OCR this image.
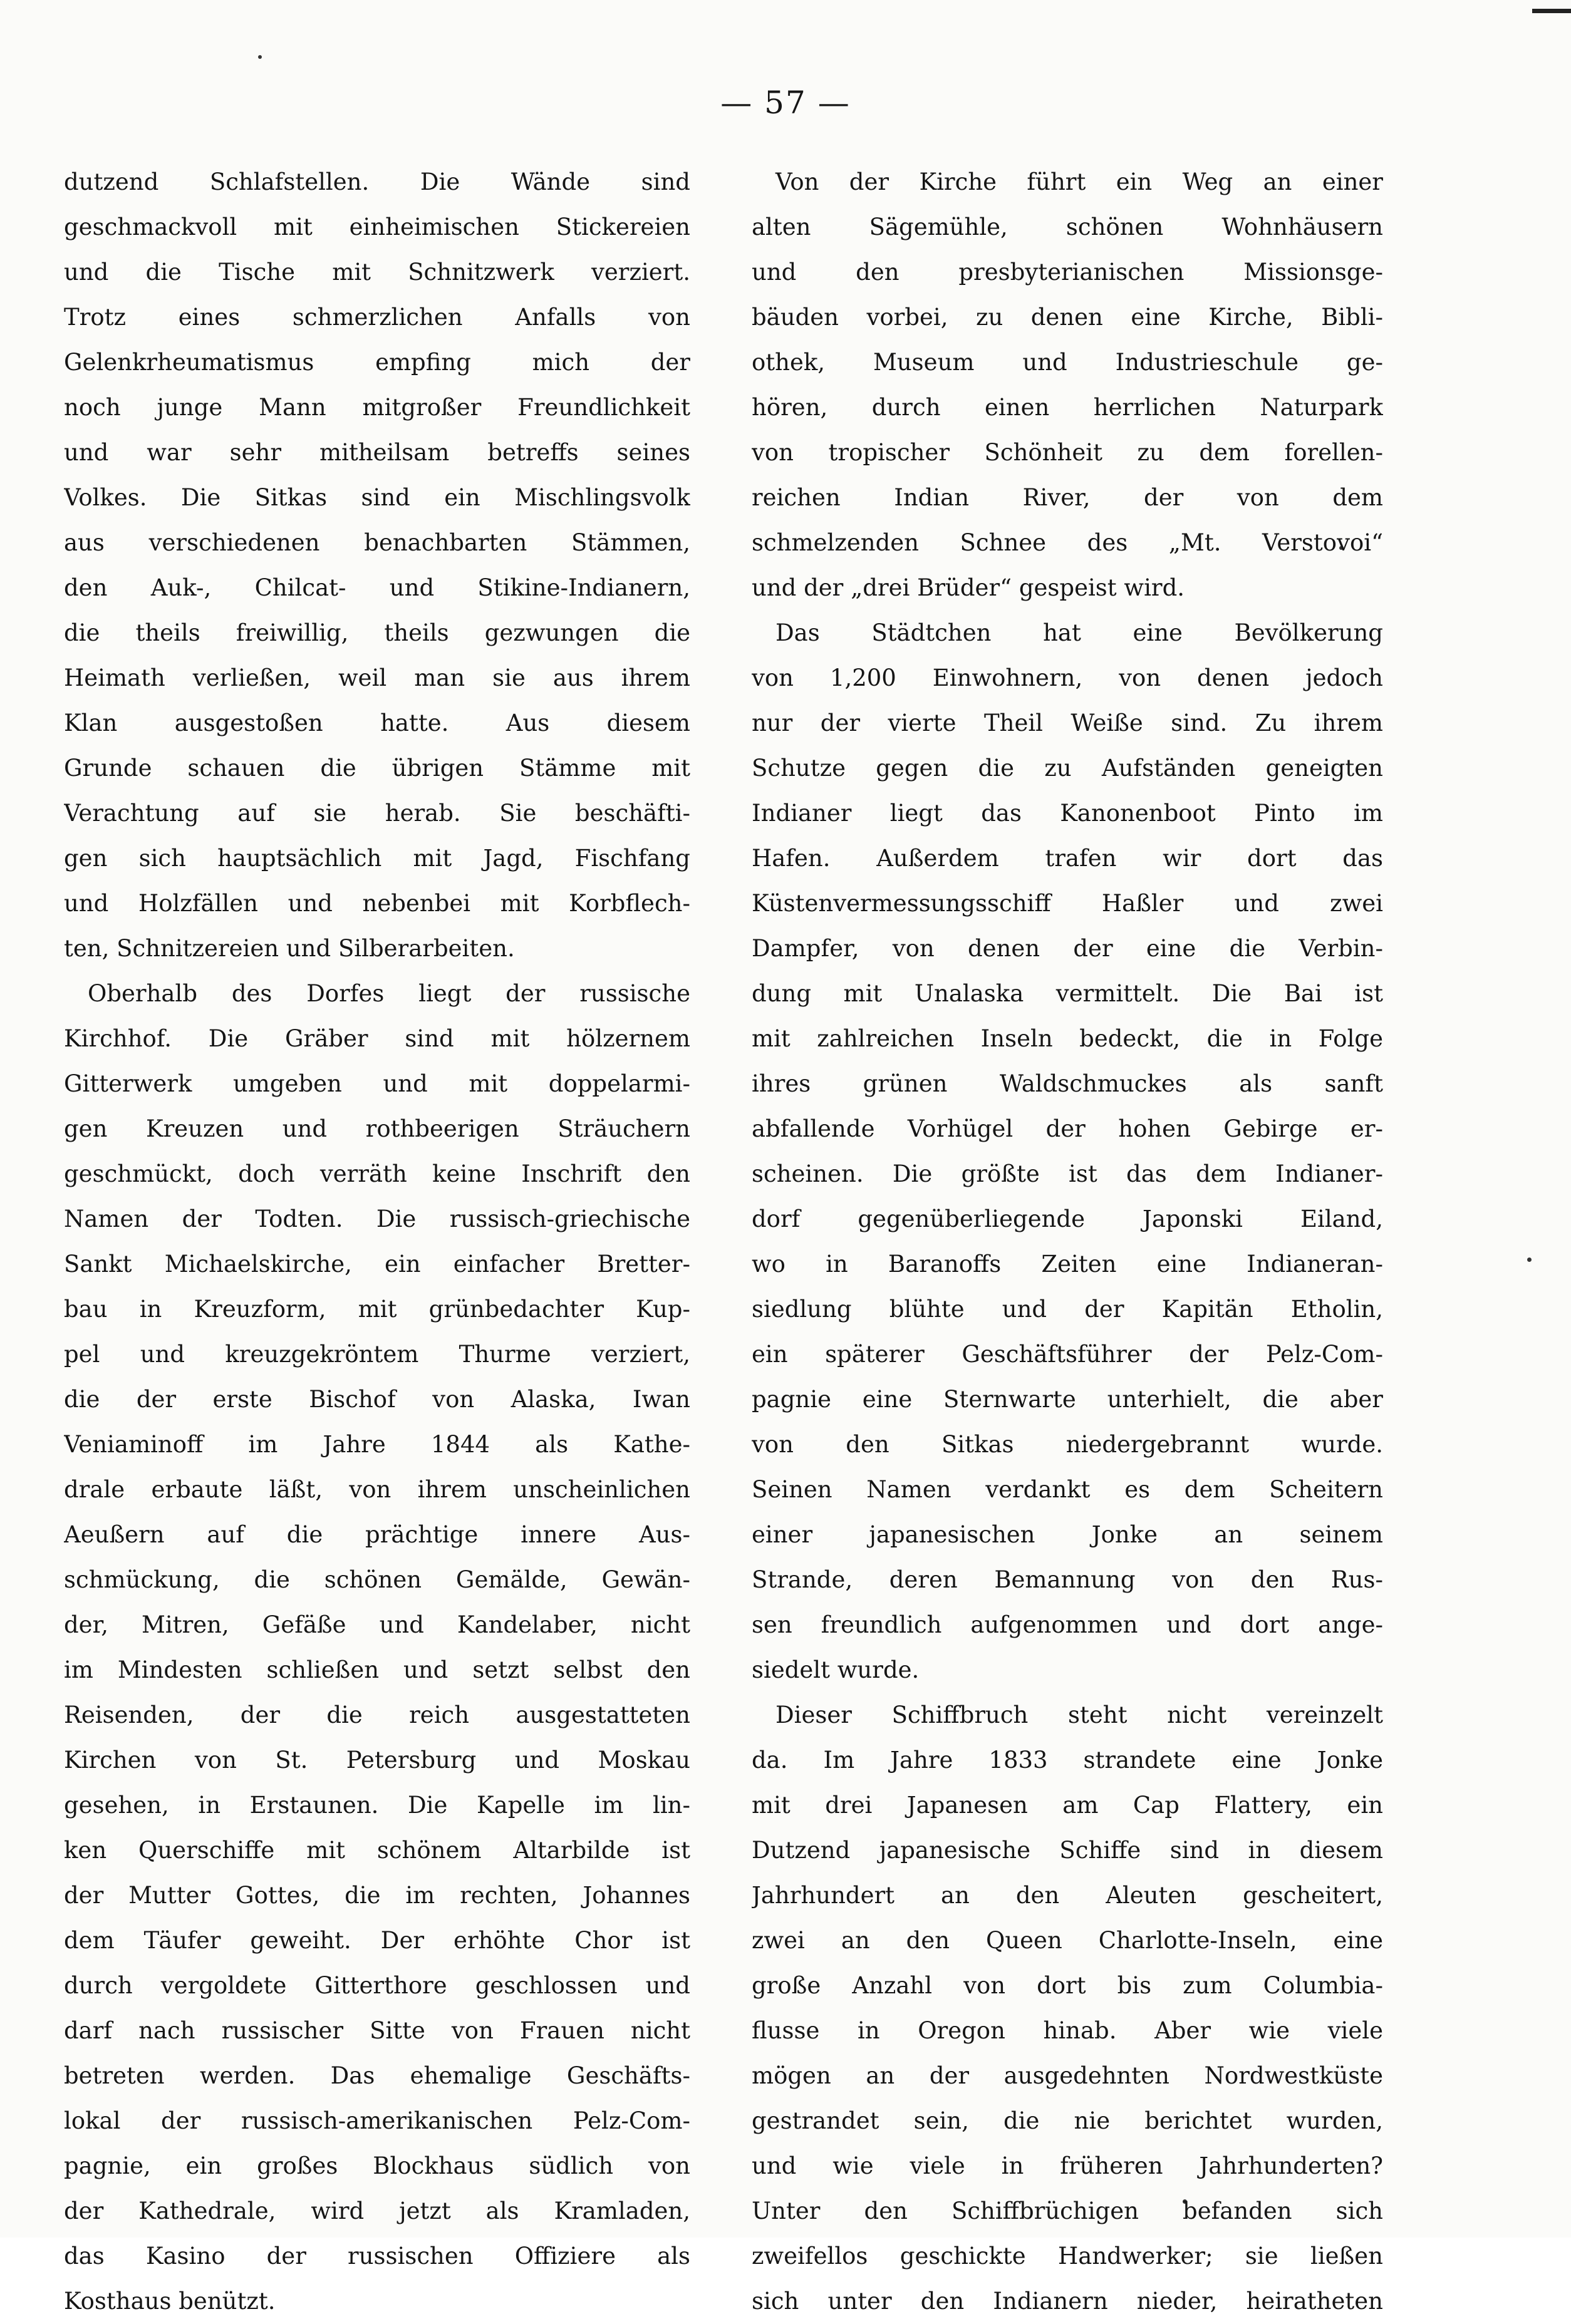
— 57 —
dutzend Schlafstellen. Die Wände sind
geschmackvoll mit einheimischen Stickereien
und die Tische mit Schnitzwerk verziert.
Trotz eines schmerzlichen Anfalls von
Gelenkrheumatismus empfing mich der
noch junge Mann mitgroßer Freundlichkeit
und war sehr mitheilsam betreffs seines
Volkes. Die Sitkas sind ein Mischlingsvolk
aus verschiedenen benachbarten Stämmen,
den Auk-, Chilcat- und Stikine-Indianern,
die theils freiwillig, theils gezwungen die
Heimath verließen, weil man sie aus ihrem
Klan ausgestoßen hatte. Aus diesem
Grunde schauen die übrigen Stämme mit
Verachtung auf sie herab. Sie beschäfti-
gen sich hauptsächlich mit Jagd, Fischfang
und Holzfällen und nebenbei mit Korbflech-
ten, Schnitzereien und Silberarbeiten.
Oberhalb des Dorfes liegt der russische
Kirchhof. Die Gräber sind mit hölzernem
Gitterwerk umgeben und mit doppelarmi-
gen Kreuzen und rothbeerigen Sträuchern
geschmückt, doch verräth keine Inschrift den
Namen der Todten. Die russisch-griechische
Sankt Michaelskirche, ein einfacher Bretter-
bau in Kreuzform, mit grünbedachter Kup-
pel und kreuzgekröntem Thurme verziert,
die der erste Bischof von Alaska, Iwan
Veniaminoff im Jahre 1844 als Kathe-
drale erbaute läßt, von ihrem unscheinlichen
Aeußern auf die prächtige innere Aus-
schmückung, die schönen Gemälde, Gewän-
der, Mitren, Gefäße und Kandelaber, nicht
im Mindesten schließen und setzt selbst den
Reisenden, der die reich ausgestatteten
Kirchen von St. Petersburg und Moskau
gesehen, in Erstaunen. Die Kapelle im lin-
ken Querschiffe mit schönem Altarbilde ist
der Mutter Gottes, die im rechten, Johannes
dem Täufer geweiht. Der erhöhte Chor ist
durch vergoldete Gitterthore geschlossen und
darf nach russischer Sitte von Frauen nicht
betreten werden. Das ehemalige Geschäfts-
lokal der russisch-amerikanischen Pelz-Com-
pagnie, ein großes Blockhaus südlich von
der Kathedrale, wird jetzt als Kramladen,
das Kasino der russischen Offiziere als
Kosthaus benützt.
Von der Kirche führt ein Weg an einer
alten Sägemühle, schönen Wohnhäusern
und den presbyterianischen Missionsge-
bäuden vorbei, zu denen eine Kirche, Bibli-
othek, Museum und Industrieschule ge-
hören, durch einen herrlichen Naturpark
von tropischer Schönheit zu dem forellen-
reichen Indian River, der von dem
schmelzenden Schnee des „Mt. Verstovoi“
und der „drei Brüder“ gespeist wird.
Das Städtchen hat eine Bevölkerung
von 1,200 Einwohnern, von denen jedoch
nur der vierte Theil Weiße sind. Zu ihrem
Schutze gegen die zu Aufständen geneigten
Indianer liegt das Kanonenboot Pinto im
Hafen. Außerdem trafen wir dort das
Küstenvermessungsschiff Haßler und zwei
Dampfer, von denen der eine die Verbin-
dung mit Unalaska vermittelt. Die Bai ist
mit zahlreichen Inseln bedeckt, die in Folge
ihres grünen Waldschmuckes als sanft
abfallende Vorhügel der hohen Gebirge er-
scheinen. Die größte ist das dem Indianer-
dorf gegenüberliegende Japonski Eiland,
wo in Baranoffs Zeiten eine Indianeran-
siedlung blühte und der Kapitän Etholin,
ein späterer Geschäftsführer der Pelz-Com-
pagnie eine Sternwarte unterhielt, die aber
von den Sitkas niedergebrannt wurde.
Seinen Namen verdankt es dem Scheitern
einer japanesischen Jonke an seinem
Strande, deren Bemannung von den Rus-
sen freundlich aufgenommen und dort ange-
siedelt wurde.
Dieser Schiffbruch steht nicht vereinzelt
da. Im Jahre 1833 strandete eine Jonke
mit drei Japanesen am Cap Flattery, ein
Dutzend japanesische Schiffe sind in diesem
Jahrhundert an den Aleuten gescheitert,
zwei an den Queen Charlotte-Inseln, eine
große Anzahl von dort bis zum Columbia-
flusse in Oregon hinab. Aber wie viele
mögen an der ausgedehnten Nordwestküste
gestrandet sein, die nie berichtet wurden,
und wie viele in früheren Jahrhunderten?
Unter den Schiffbrüchigen befanden sich
zweifellos geschickte Handwerker; sie ließen
sich unter den Indianern nieder, heiratheten
